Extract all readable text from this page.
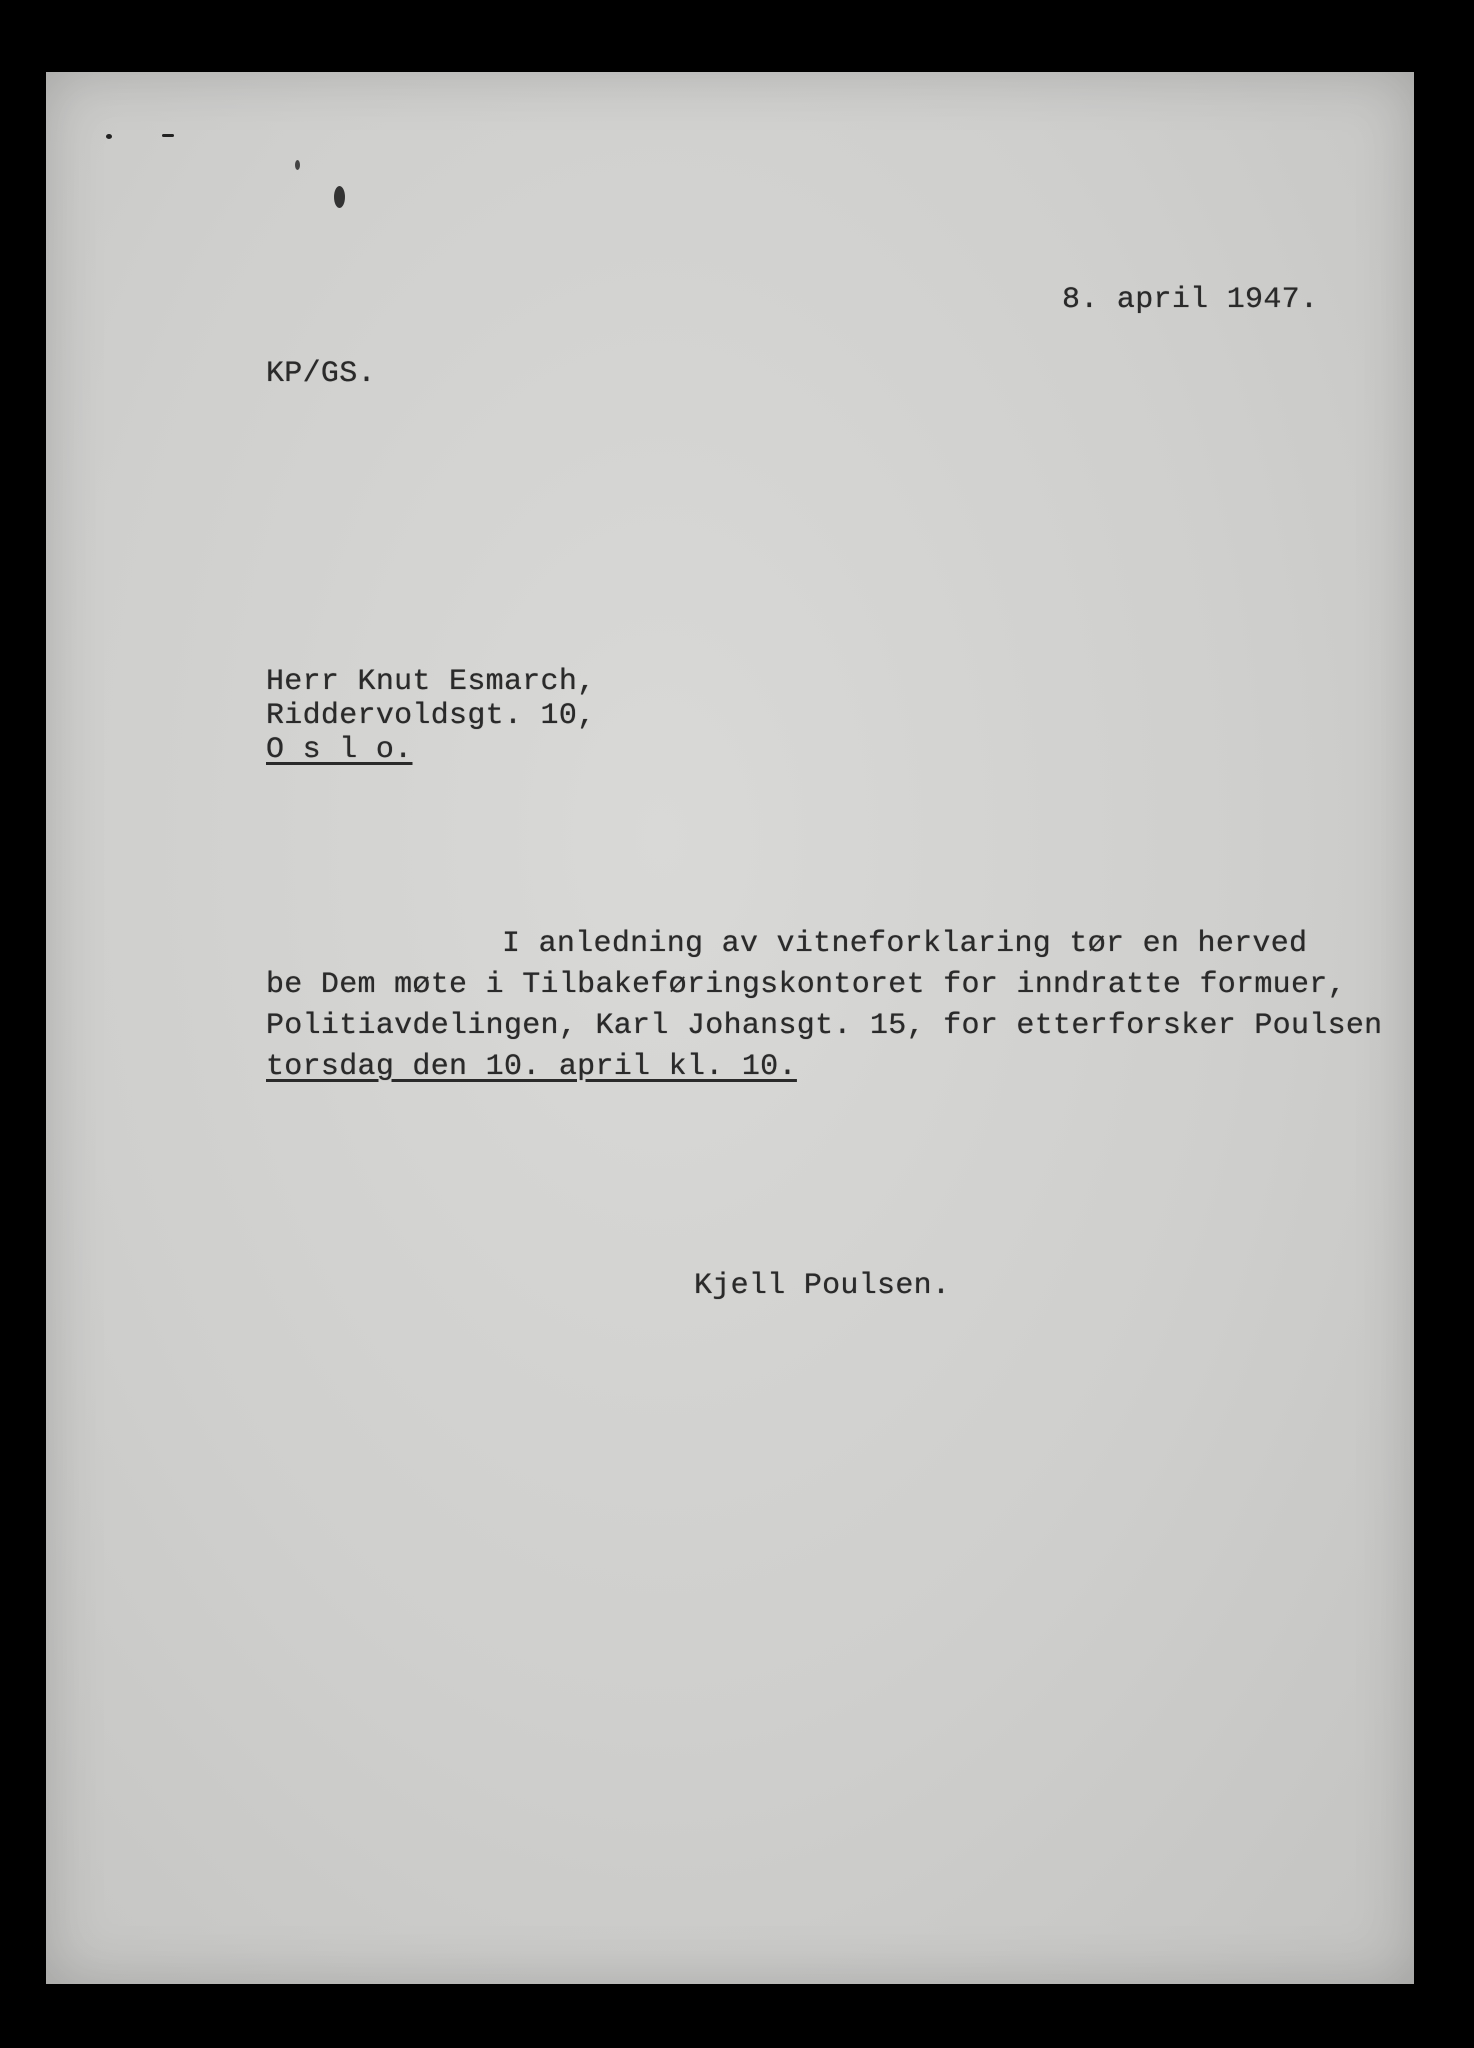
8. april 1947.
KP/GS.
Herr Knut Esmarch,
Riddervoldsgt. 10,
O s l o.
I anledning av vitneforklaring tør en herved
be Dem møte i Tilbakeføringskontoret for inndratte formuer,
Politiavdelingen, Karl Johansgt. 15, for etterforsker Poulsen
torsdag den 10. april kl. 10.
Kjell Poulsen.
